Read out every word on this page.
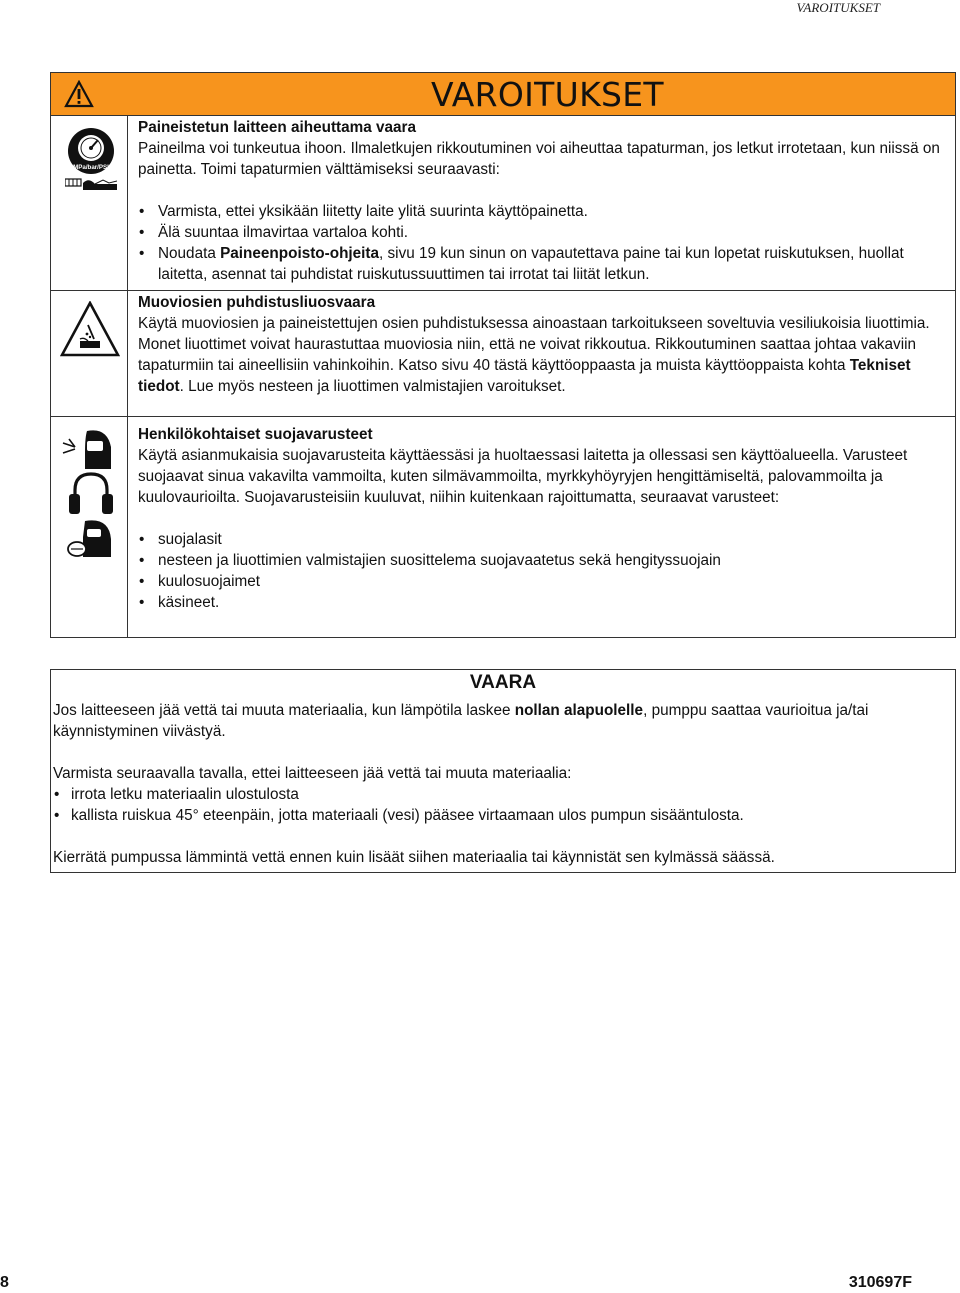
VAROITUKSET
VAROITUKSET
MPa/bar/PSI
Paineistetun laitteen aiheuttama vaara

Paineilma voi tunkeutua ihoon. Ilmaletkujen rikkoutuminen voi aiheuttaa tapaturman, jos letkut irrotetaan, kun niissä on painetta. Toimi tapaturmien välttämiseksi seuraavasti:

• Varmista, ettei yksikään liitetty laite ylitä suurinta käyttöpainetta.
• Älä suuntaa ilmavirtaa vartaloa kohti.
• Noudata Paineenpoisto-ohjeita, sivu 19 kun sinun on vapautettava paine tai kun lopetat ruiskutuksen, huollat laitetta, asennat tai puhdistat ruiskutussuuttimen tai irrotat tai liität letkun.
Muoviosien puhdistusliuosvaara

Käytä muoviosien ja paineistettujen osien puhdistuksessa ainoastaan tarkoitukseen soveltuvia vesiliukoisia liuottimia. Monet liuottimet voivat haurastuttaa muoviosia niin, että ne voivat rikkoutua. Rikkoutuminen saattaa johtaa vakaviin tapaturmiin tai aineellisiin vahinkoihin. Katso sivu 40 tästä käyttöoppaasta ja muista käyttöoppaista kohta Tekniset tiedot. Lue myös nesteen ja liuottimen valmistajien varoitukset.

Henkilökohtaiset suojavarusteet

Käytä asianmukaisia suojavarusteita käyttäessäsi ja huoltaessasi laitetta ja ollessasi sen käyttöalueella. Varusteet suojaavat sinua vakavilta vammoilta, kuten silmävammoilta, myrkkyhöyryjen hengittämiseltä, palovammoilta ja kuulovaurioilta. Suojavarusteisiin kuuluvat, niihin kuitenkaan rajoittumatta, seuraavat varusteet:

• suojalasit
• nesteen ja liuottimien valmistajien suosittelema suojavaatetus sekä hengityssuojain
• kuulosuojaimet
• käsineet.
VAARA

Jos laitteeseen jää vettä tai muuta materiaalia, kun lämpötila laskee nollan alapuolelle, pumppu saattaa vaurioitua ja/tai käynnistyminen viivästyä.

Varmista seuraavalla tavalla, ettei laitteeseen jää vettä tai muuta materiaalia:

• irrota letku materiaalin ulostulosta
• kallista ruiskua 45° eteenpäin, jotta materiaali (vesi) pääsee virtaamaan ulos pumpun sisääntulosta.

Kierrätä pumpussa lämmintä vettä ennen kuin lisäät siihen materiaalia tai käynnistät sen kylmässä säässä.

8	310697F
